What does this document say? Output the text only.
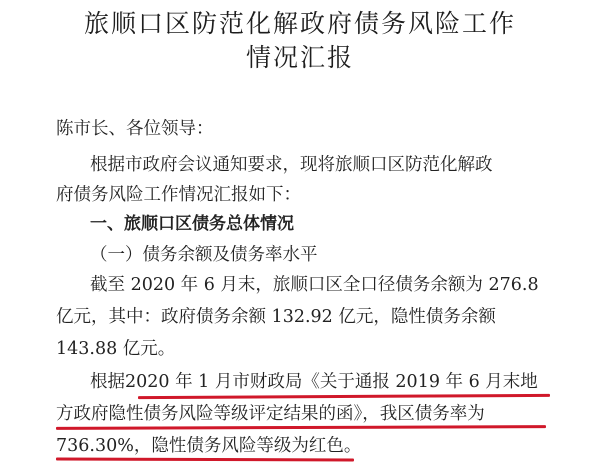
旅顺口区防范化解政府债务风险工作
情况汇报
陈市长、各位领导：
根据市政府会议通知要求，现将旅顺口区防范化解政
府债务风险工作情况汇报如下：
一、旅顺口区债务总体情况
（一）债务余额及债务率水平
截至 2020 年 6 月末，旅顺口区全口径债务余额为 276.8
亿元，其中：政府债务余额 132.92 亿元，隐性债务余额
143.88 亿元。
根据2020 年 1 月市财政局《关于通报 2019 年 6 月末地
方政府隐性债务风险等级评定结果的函》，我区债务率为
736.30%，隐性债务风险等级为红色。
